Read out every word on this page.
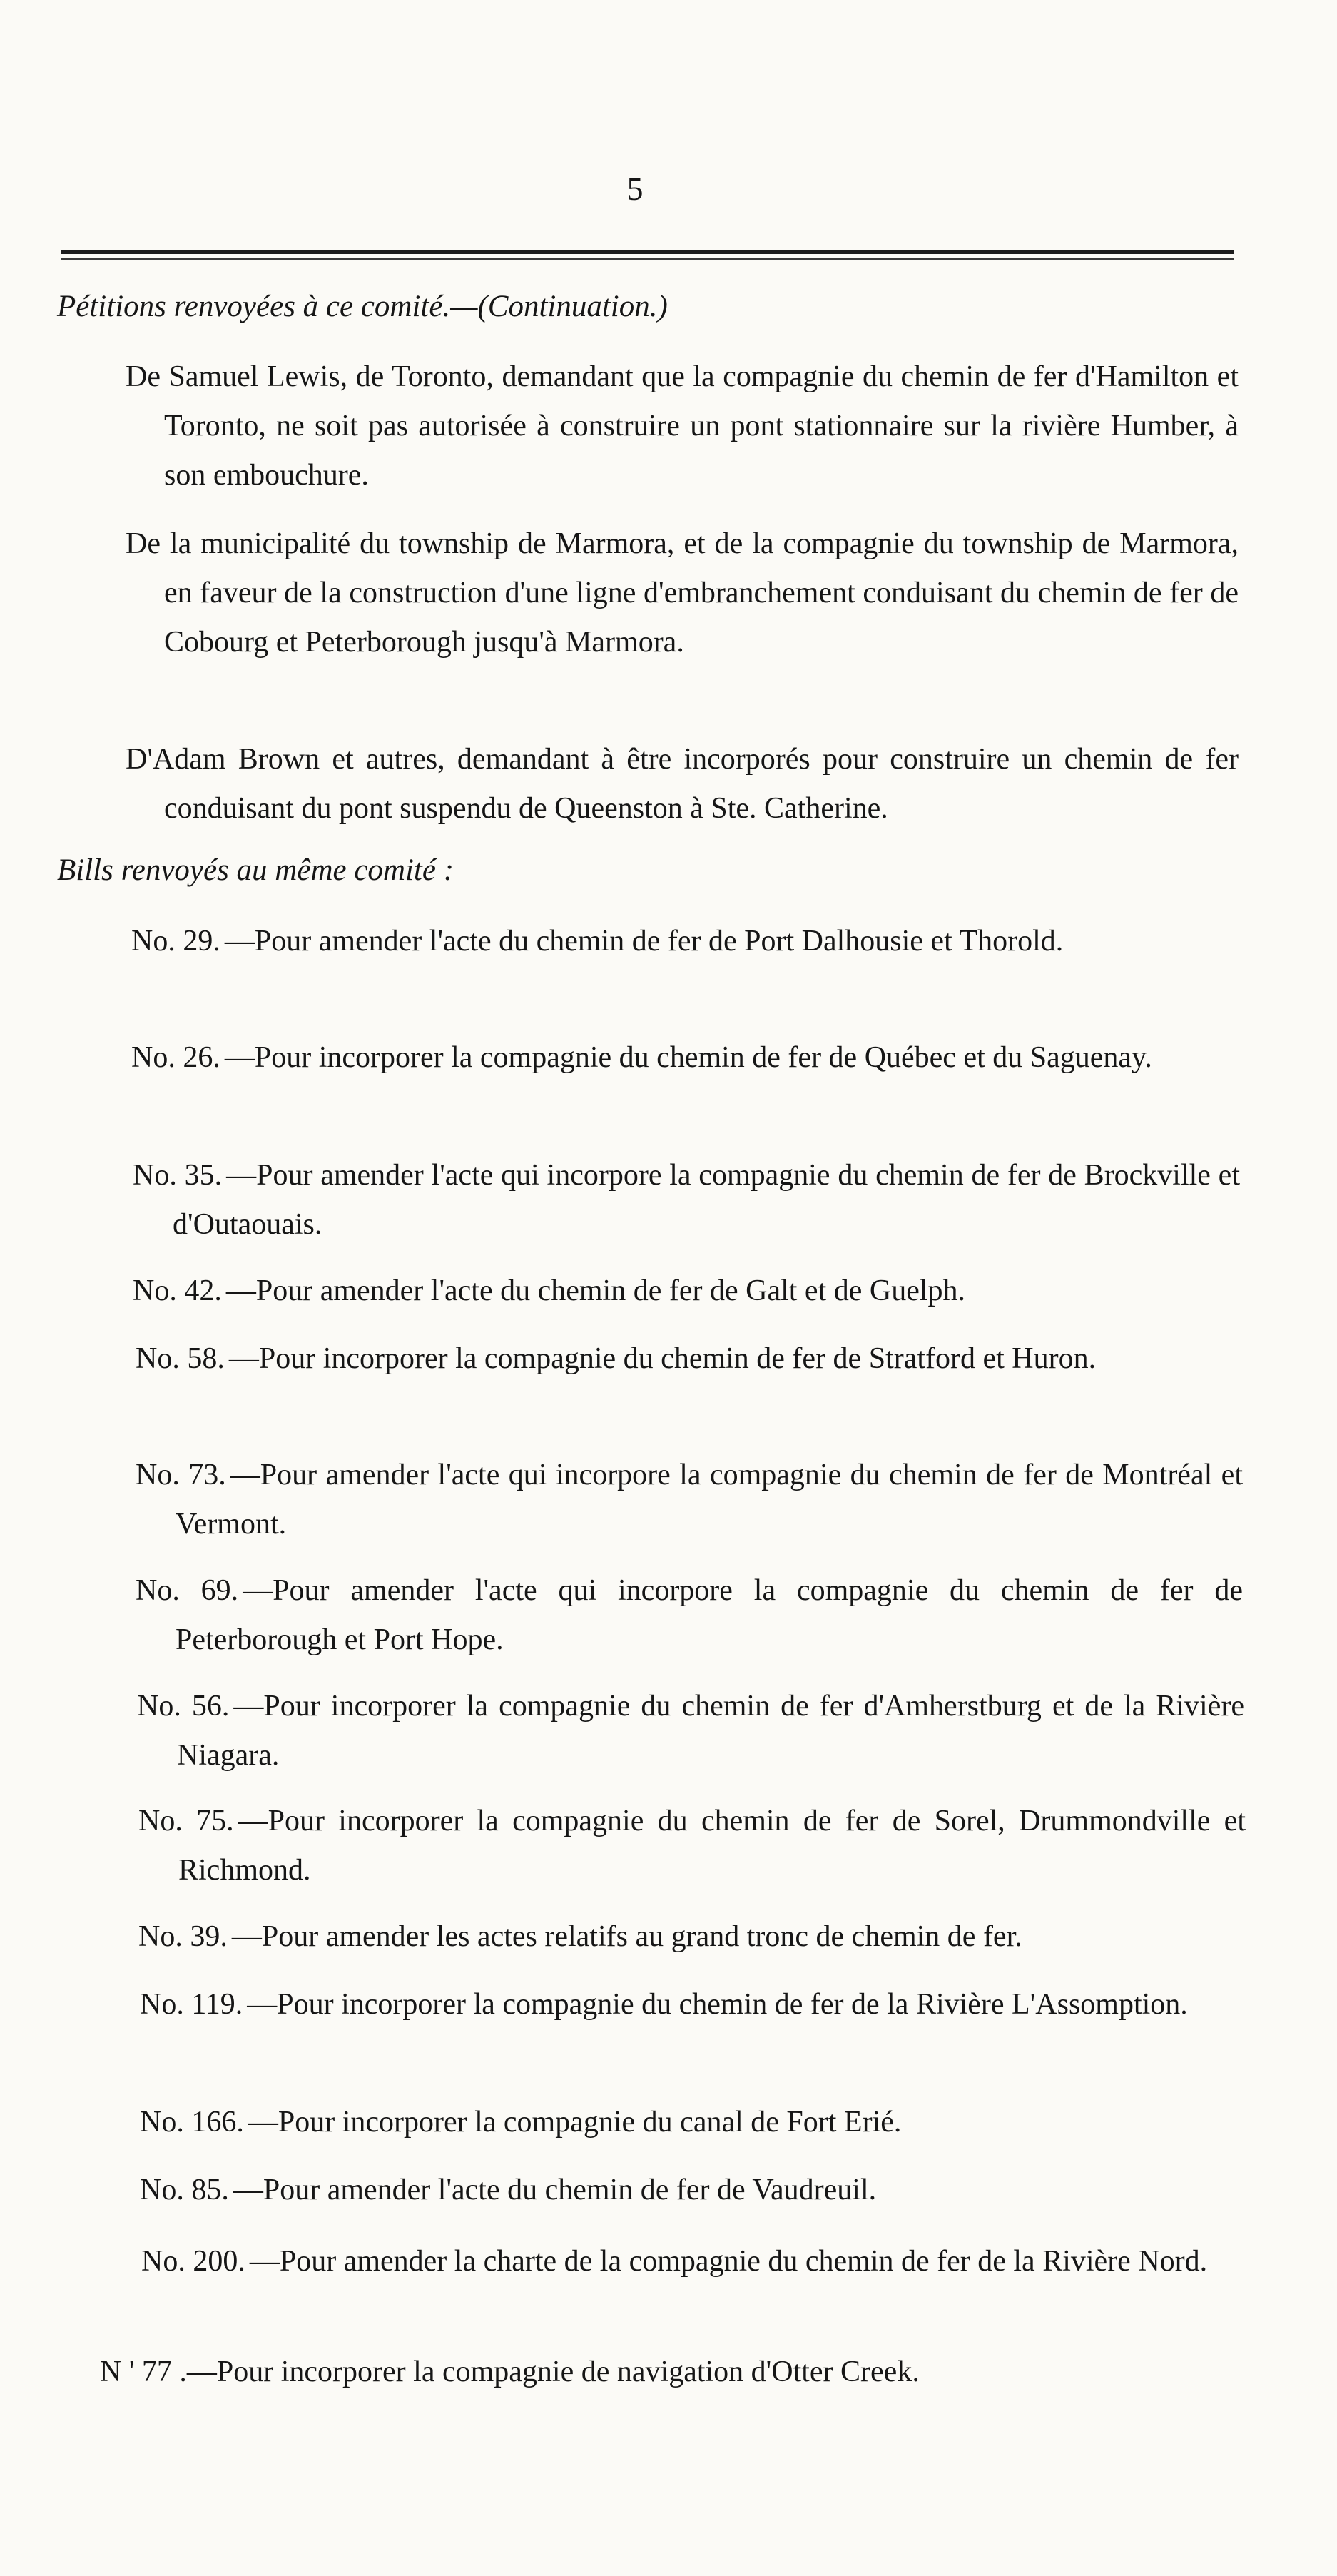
5
Pétitions renvoyées à ce comité.—(Continuation.)
De Samuel Lewis, de Toronto, demandant que la compagnie du chemin de fer d'Hamilton et Toronto, ne soit pas autorisée à construire un pont stationnaire sur la rivière Humber, à son embouchure.
De la municipalité du township de Marmora, et de la compagnie du township de Marmora, en faveur de la construction d'une ligne d'embranchement conduisant du chemin de fer de Cobourg et Peterborough jusqu'à Marmora.
D'Adam Brown et autres, demandant à être incorporés pour construire un chemin de fer conduisant du pont suspendu de Queenston à Ste. Catherine.
Bills renvoyés au même comité :
No. 29. —Pour amender l'acte du chemin de fer de Port Dalhousie et Thorold.
No. 26. —Pour incorporer la compagnie du chemin de fer de Québec et du Saguenay.
No. 35. —Pour amender l'acte qui incorpore la compagnie du chemin de fer de Brockville et d'Outaouais.
No. 42. —Pour amender l'acte du chemin de fer de Galt et de Guelph.
No. 58. —Pour incorporer la compagnie du chemin de fer de Stratford et Huron.
No. 73. —Pour amender l'acte qui incorpore la compagnie du chemin de fer de Montréal et Vermont.
No. 69. —Pour amender l'acte qui incorpore la compagnie du chemin de fer de Peterborough et Port Hope.
No. 56. —Pour incorporer la compagnie du chemin de fer d'Amherstburg et de la Rivière Niagara.
No. 75. —Pour incorporer la compagnie du chemin de fer de Sorel, Drummondville et Richmond.
No. 39. —Pour amender les actes relatifs au grand tronc de chemin de fer.
No. 119. —Pour incorporer la compagnie du chemin de fer de la Rivière L'Assomption.
No. 166. —Pour incorporer la compagnie du canal de Fort Erié.
No. 85. —Pour amender l'acte du chemin de fer de Vaudreuil.
No. 200. —Pour amender la charte de la compagnie du chemin de fer de la Rivière Nord.
N ' 77 .—Pour incorporer la compagnie de navigation d'Otter Creek.
